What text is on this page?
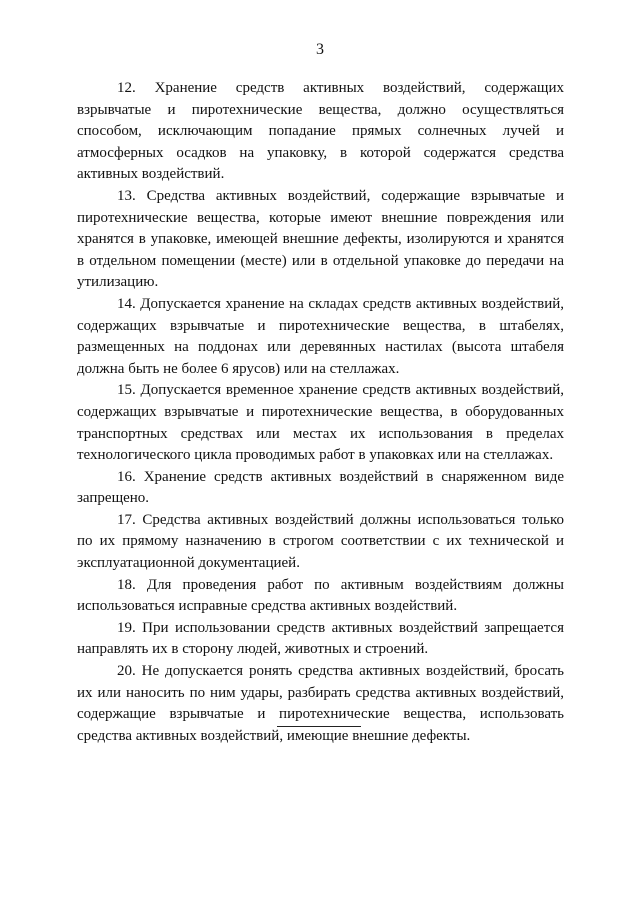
3

12. Хранение средств активных воздействий, содержащих взрывчатые и пиротехнические вещества, должно осуществляться способом, исключающим попадание прямых солнечных лучей и атмосферных осадков на упаковку, в которой содержатся средства активных воздействий.

13. Средства активных воздействий, содержащие взрывчатые и пиротехнические вещества, которые имеют внешние повреждения или хранятся в упаковке, имеющей внешние дефекты, изолируются и хранятся в отдельном помещении (месте) или в отдельной упаковке до передачи на утилизацию.

14. Допускается хранение на складах средств активных воздействий, содержащих взрывчатые и пиротехнические вещества, в штабелях, размещенных на поддонах или деревянных настилах (высота штабеля должна быть не более 6 ярусов) или на стеллажах.

15. Допускается временное хранение средств активных воздействий, содержащих взрывчатые и пиротехнические вещества, в оборудованных транспортных средствах или местах их использования в пределах технологического цикла проводимых работ в упаковках или на стеллажах.

16. Хранение средств активных воздействий в снаряженном виде запрещено.

17. Средства активных воздействий должны использоваться только по их прямому назначению в строгом соответствии с их технической и эксплуатационной документацией.

18. Для проведения работ по активным воздействиям должны использоваться исправные средства активных воздействий.

19. При использовании средств активных воздействий запрещается направлять их в сторону людей, животных и строений.

20. Не допускается ронять средства активных воздействий, бросать их или наносить по ним удары, разбирать средства активных воздействий, содержащие взрывчатые и пиротехнические вещества, использовать средства активных воздействий, имеющие внешние дефекты.
